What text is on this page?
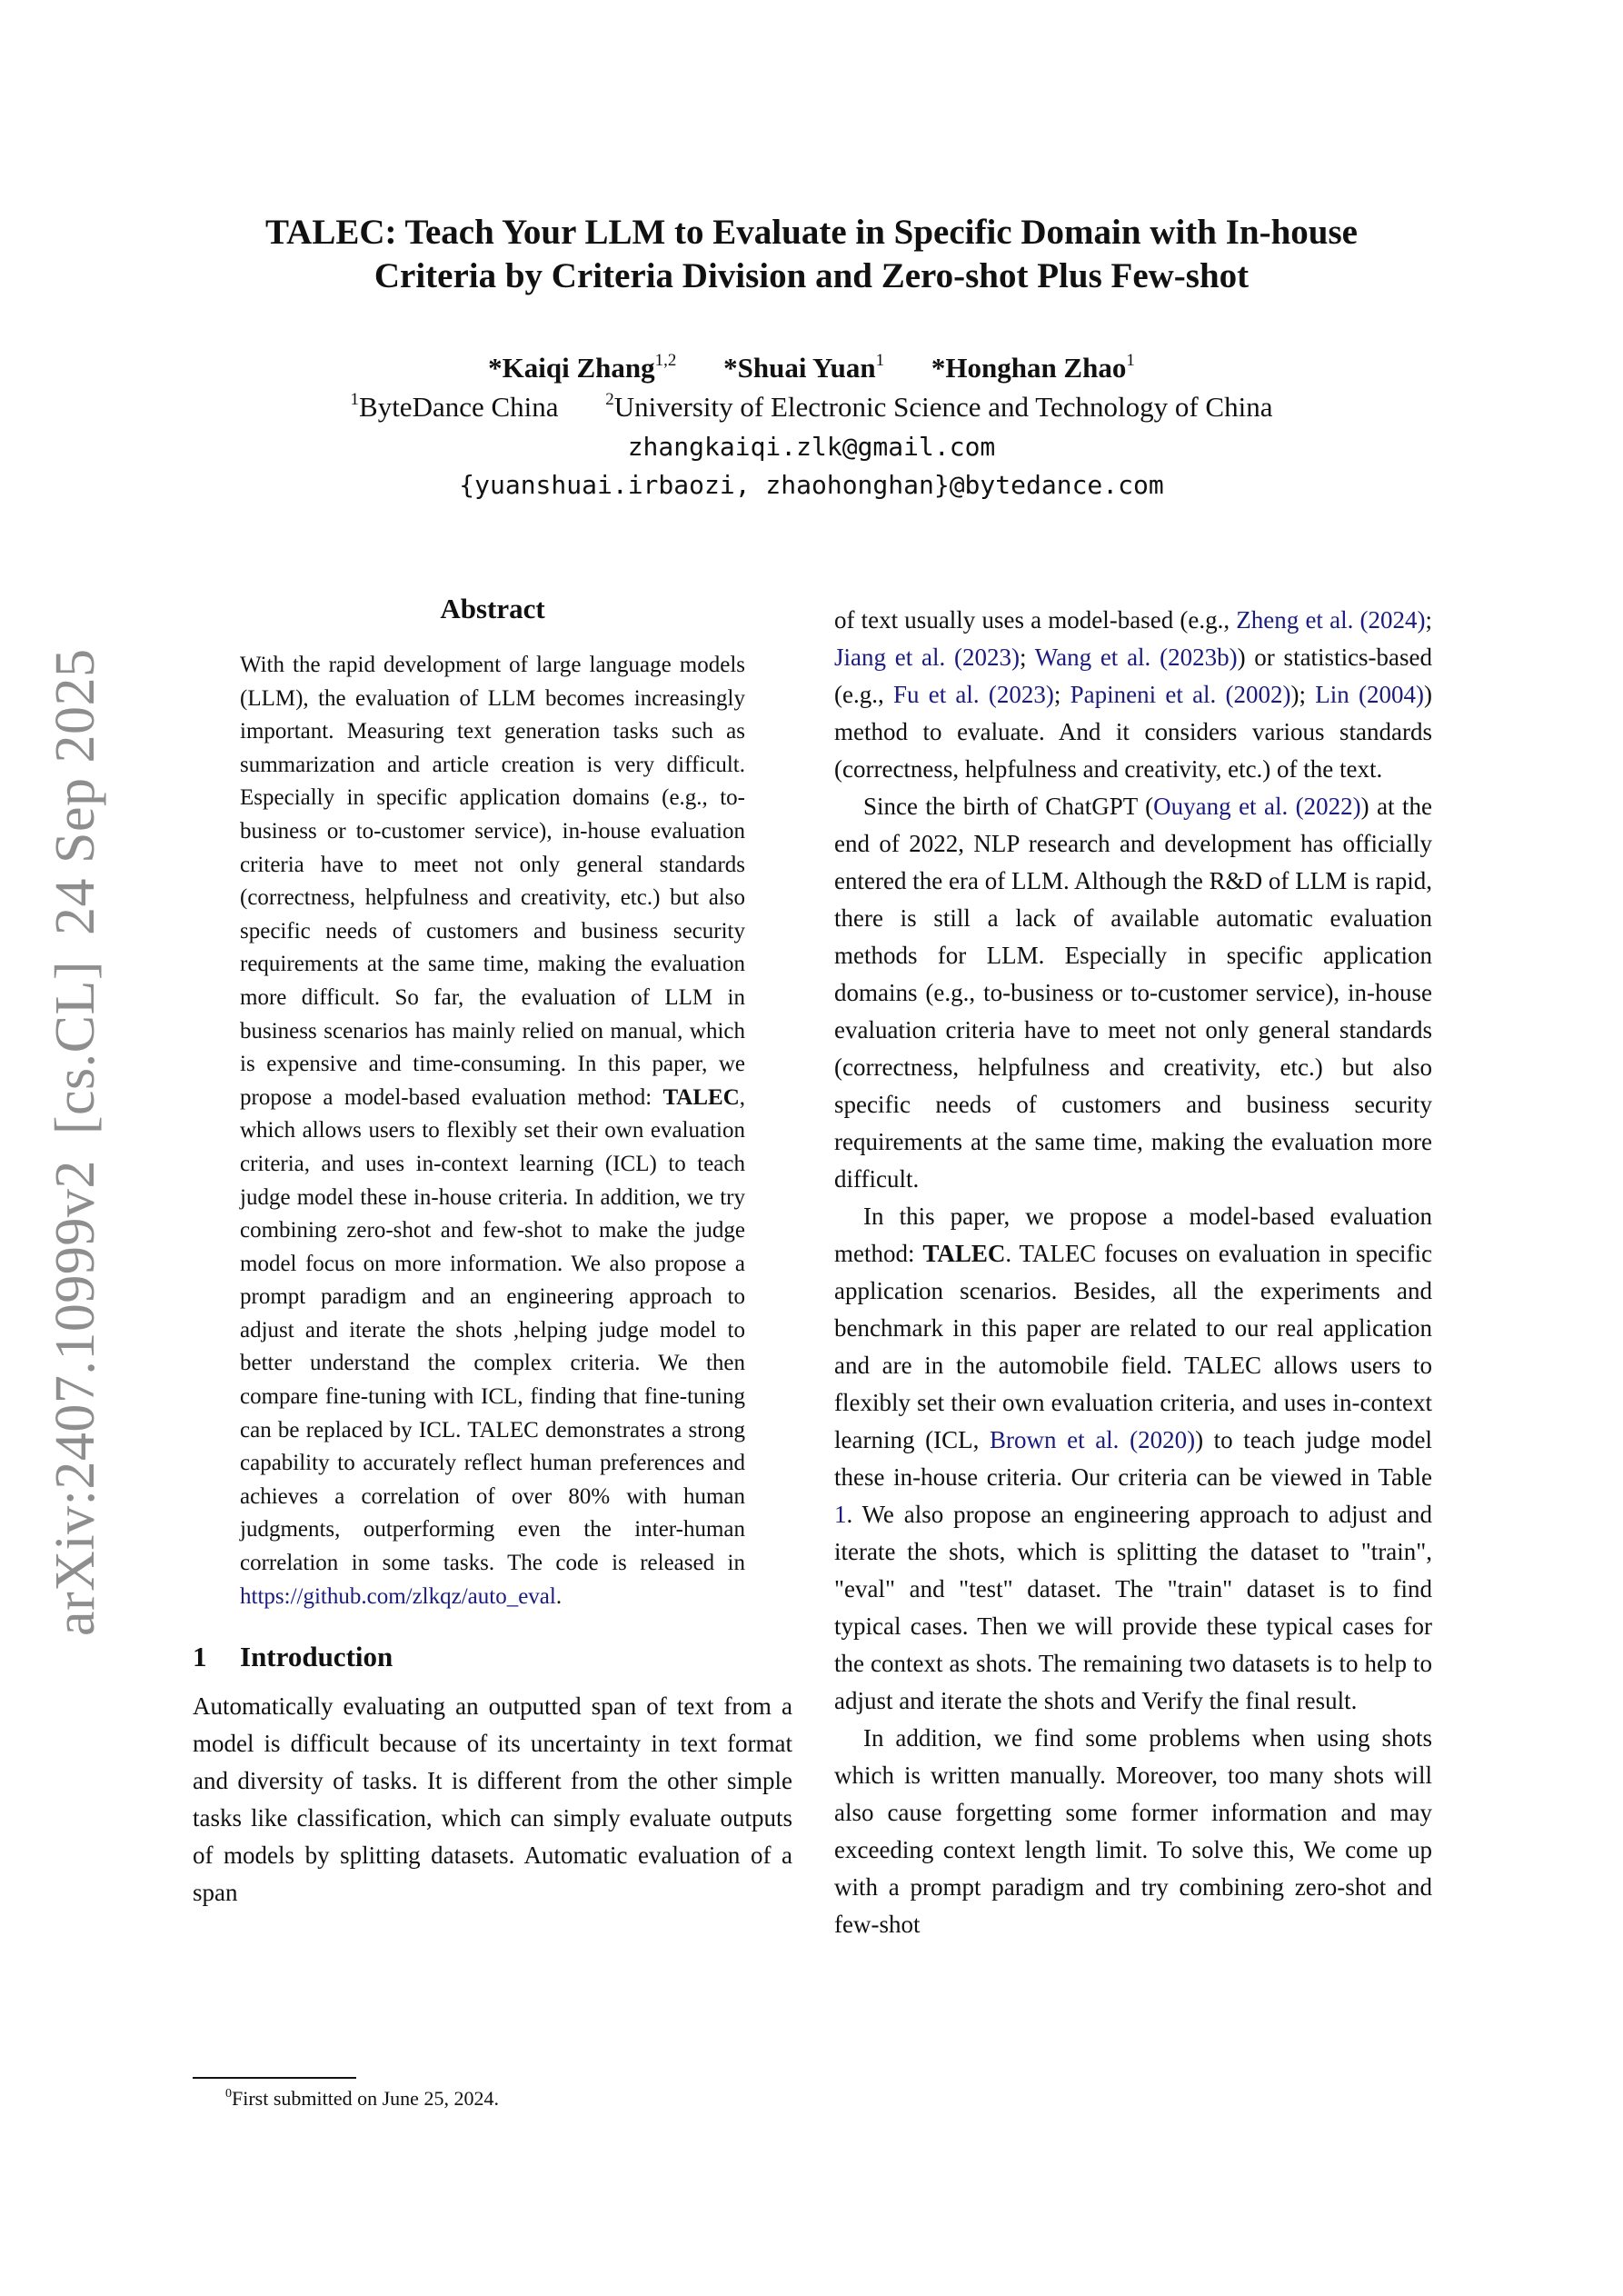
TALEC: Teach Your LLM to Evaluate in Specific Domain with In-house
Criteria by Criteria Division and Zero-shot Plus Few-shot
*Kaiqi Zhang$^{1,2}$ *Shuai Yuan$^1$ *Honghan Zhao$^1$
$^1$ByteDance China	$^2$University of Electronic Science and Technology of China
zhangkaiqi.zlk@gmail.com
{yuanshuai.irbaozi, zhaohonghan}@bytedance.com
arXiv:2407.10999v2[cs.CL]24 Sep 2025
Abstract

With the rapid development of large language models (LLM), the evaluation of LLM becomes increasingly important. Measuring text generation tasks such as summarization and article creation is very difficult. Especially in specific application domains (e.g., to-business or to-customer service), in-house evaluation criteria have to meet not only general standards (correctness, helpfulness and creativity, etc.) but also specific needs of customers and business security requirements at the same time, making the evaluation more difficult. So far, the evaluation of LLM in business scenarios has mainly relied on manual, which is expensive and time-consuming. In this paper, we propose a model-based evaluation method: TALEC, which allows users to flexibly set their own evaluation criteria, and uses in-context learning (ICL) to teach judge model these in-house criteria. In addition, we try combining zero-shot and few-shot to make the judge model focus on more information. We also propose a prompt paradigm and an engineering approach to adjust and iterate the shots ,helping judge model to better understand the complex criteria. We then compare fine-tuning with ICL, finding that fine-tuning can be replaced by ICL. TALEC demonstrates a strong capability to accurately reflect human preferences and achieves a correlation of over 80% with human judgments, outperforming even the inter-human correlation in some tasks. The code is released in https://github.com/zlkqz/auto_eval.

1 Introduction

Automatically evaluating an outputted span of text from a model is difficult because of its uncertainty in text format and diversity of tasks. It is different from the other simple tasks like classification, which can simply evaluate outputs of models by splitting datasets. Automatic evaluation of a span

$^0$First submitted on June 25, 2024.

of text usually uses a model-based (e.g., Zheng et al. (2024); Jiang et al. (2023); Wang et al. (2023b)) or statistics-based (e.g., Fu et al. (2023); Papineni et al. (2002)); Lin (2004)) method to evaluate. And it considers various standards (correctness, helpfulness and creativity, etc.) of the text.

Since the birth of ChatGPT (Ouyang et al. (2022)) at the end of 2022, NLP research and development has officially entered the era of LLM. Although the R&D of LLM is rapid, there is still a lack of available automatic evaluation methods for LLM. Especially in specific application domains (e.g., to-business or to-customer service), in-house evaluation criteria have to meet not only general standards (correctness, helpfulness and creativity, etc.) but also specific needs of customers and business security requirements at the same time, making the evaluation more difficult.

In this paper, we propose a model-based evaluation method: TALEC. TALEC focuses on evaluation in specific application scenarios. Besides, all the experiments and benchmark in this paper are related to our real application and are in the automobile field. TALEC allows users to flexibly set their own evaluation criteria, and uses in-context learning (ICL, Brown et al. (2020)) to teach judge model these in-house criteria. Our criteria can be viewed in Table 1. We also propose an engineering approach to adjust and iterate the shots, which is splitting the dataset to "train", "eval" and "test" dataset. The "train" dataset is to find typical cases. Then we will provide these typical cases for the context as shots. The remaining two datasets is to help to adjust and iterate the shots and Verify the final result.

In addition, we find some problems when using shots which is written manually. Moreover, too many shots will also cause forgetting some former information and may exceeding context length limit. To solve this, We come up with a prompt paradigm and try combining zero-shot and few-shot
